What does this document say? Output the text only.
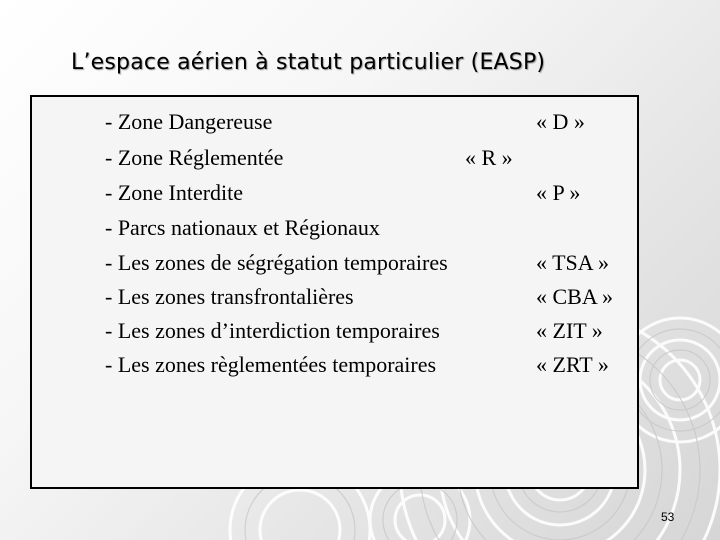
L’espace aérien à statut particulier (EASP)
- Zone Dangereuse	« D »
- Zone Réglementée	« R »
- Zone Interdite	« P »
- Parcs nationaux et Régionaux
- Les zones de ségrégation temporaires	« TSA »
- Les zones transfrontalières	« CBA »
- Les zones d’interdiction temporaires	« ZIT »
- Les zones règlementées temporaires	« ZRT »
53
